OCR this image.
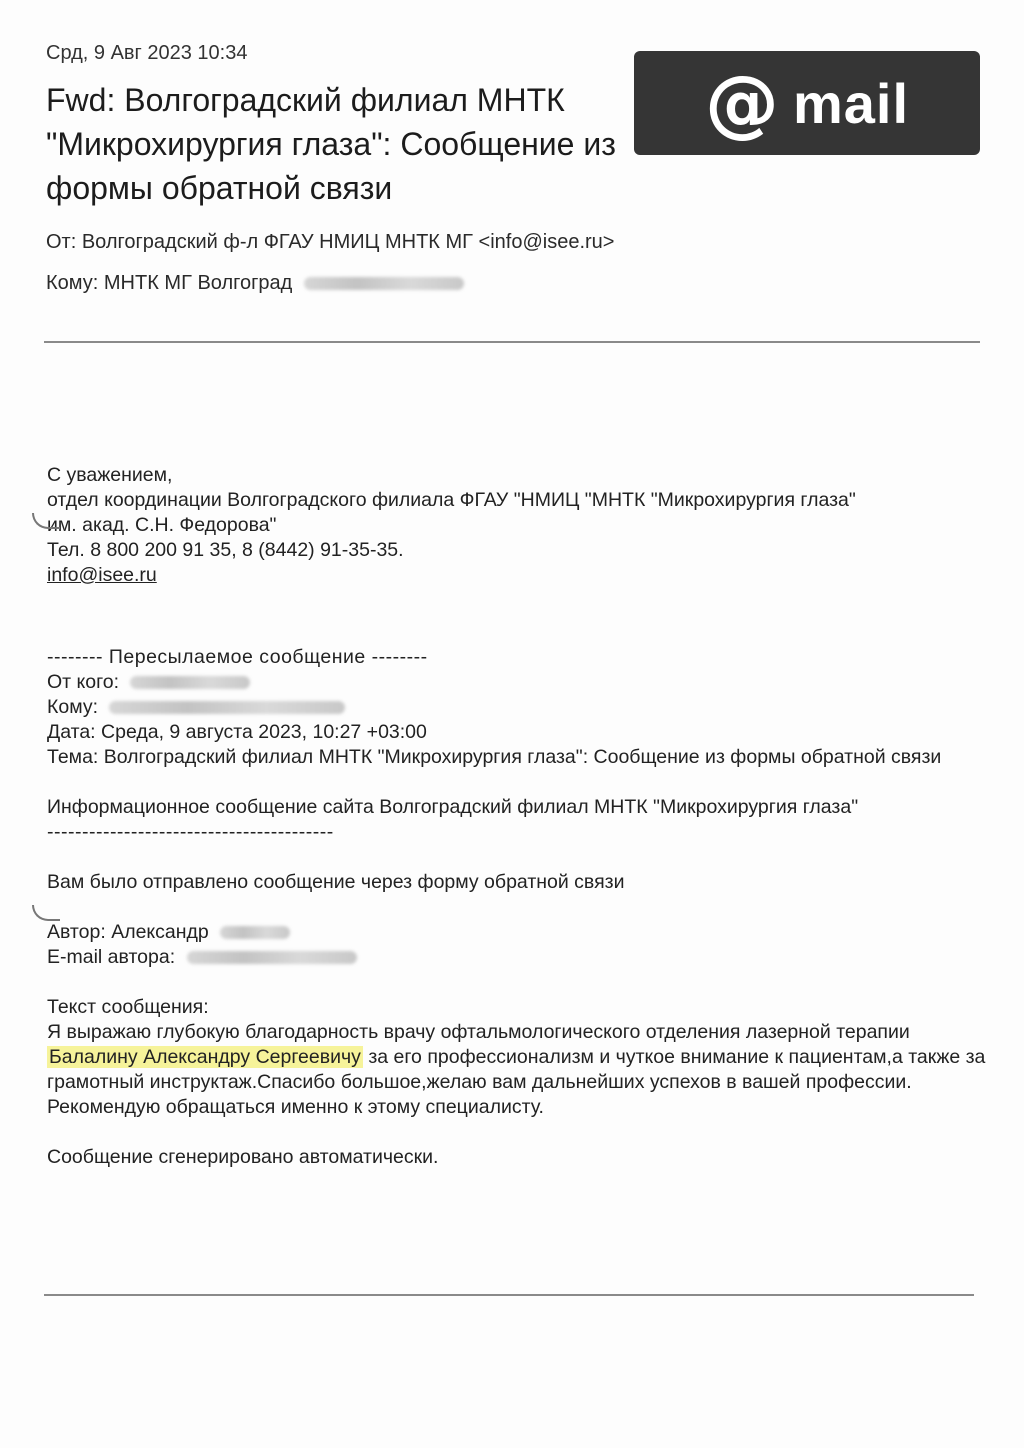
Срд, 9 Авг 2023 10:34
Fwd: Волгоградский филиал МНТК "Микрохирургия глаза": Сообщение из формы обратной связи
@ mail
От: Волгоградский ф-л ФГАУ НМИЦ МНТК МГ <info@isee.ru>
Кому: МНТК МГ Волгоград
С уважением,
отдел координации Волгоградского филиала ФГАУ "НМИЦ "МНТК "Микрохирургия глаза"
им. акад. С.Н. Федорова"
Тел. 8 800 200 91 35, 8 (8442) 91-35-35.
info@isee.ru
-------- Пересылаемое сообщение --------
От кого:
Кому:
Дата: Среда, 9 августа 2023, 10:27 +03:00
Тема: Волгоградский филиал МНТК "Микрохирургия глаза": Сообщение из формы обратной связи
Информационное сообщение сайта Волгоградский филиал МНТК "Микрохирургия глаза"
-----------------------------------------
Вам было отправлено сообщение через форму обратной связи
Автор: Александр
E-mail автора:
Текст сообщения:
Я выражаю глубокую благодарность врачу офтальмологического отделения лазерной терапии Балалину Александру Сергеевичу за его профессионализм и чуткое внимание к пациентам,а также за грамотный инструктаж.Спасибо большое,желаю вам дальнейших успехов в вашей профессии. Рекомендую обращаться именно к этому специалисту.
Сообщение сгенерировано автоматически.
